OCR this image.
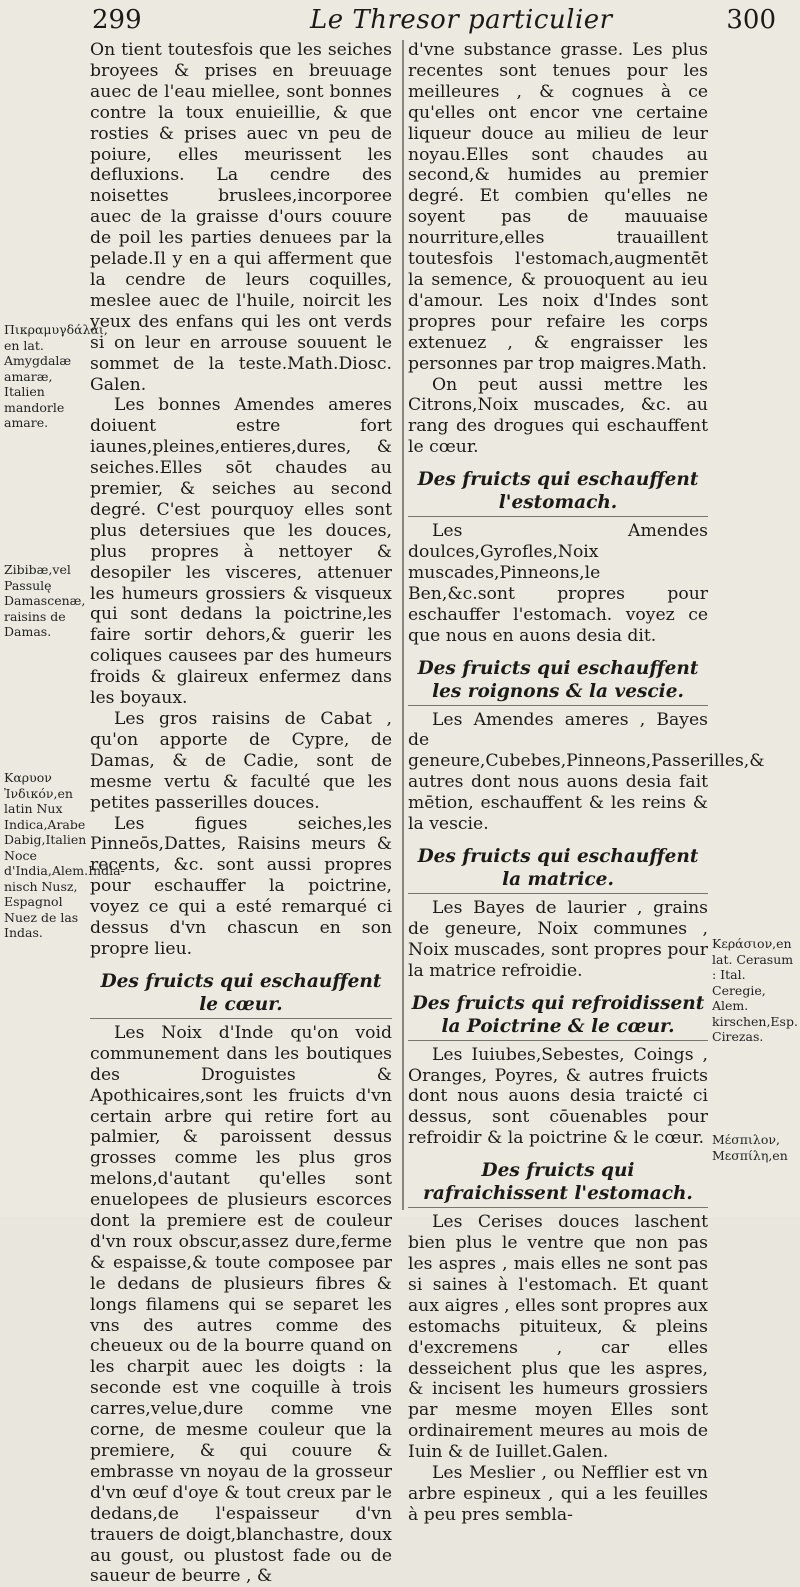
299	Le Thresor particulier	300

On tient toutesfois que les seiches broyees & prises en breuuage auec de l'eau miellee, sont bonnes contre la toux enuieillie, & que rosties & prises auec vn peu de poiure, elles meurissent les defluxions. La cendre des noisettes bruslees,incorporee auec de la graisse d'ours couure de poil les parties denuees par la pelade.Il y en a qui afferment que la cendre de leurs coquilles, meslee auec de l'huile, noircit les yeux des enfans qui les ont verds si on leur en arrouse souuent le sommet de la teste.Math.Diosc. Galen.

Les bonnes Amendes ameres doiuent estre fort iaunes,pleines,entieres,dures, & seiches.Elles sōt chaudes au premier, & seiches au second degré. C'est pourquoy elles sont plus detersiues que les douces, plus propres à nettoyer & desopiler les visceres, attenuer les humeurs grossiers & visqueux qui sont dedans la poictrine,les faire sortir dehors,& guerir les coliques causees par des humeurs froids & glaireux enfermez dans les boyaux.

Les gros raisins de Cabat , qu'on apporte de Cypre, de Damas, & de Cadie, sont de mesme vertu & faculté que les petites passerilles douces.

Les figues seiches,les Pinneōs,Dattes, Raisins meurs & recents, &c. sont aussi propres pour eschauffer la poictrine, voyez ce qui a esté remarqué ci dessus d'vn chascun en son propre lieu.

Des fruicts qui eschauffent le cœur.

Les Noix d'Inde qu'on void communement dans les boutiques des Droguistes & Apothicaires,sont les fruicts d'vn certain arbre qui retire fort au palmier, & paroissent dessus grosses comme les plus gros melons,d'autant qu'elles sont enuelopees de plusieurs escorces dont la premiere est de couleur d'vn roux obscur,assez dure,ferme & espaisse,& toute composee par le dedans de plusieurs fibres & longs filamens qui se separet les vns des autres comme des cheueux ou de la bourre quand on les charpit auec les doigts : la seconde est vne coquille à trois carres,velue,dure comme vne corne, de mesme couleur que la premiere, & qui couure & embrasse vn noyau de la grosseur d'vn œuf d'oye & tout creux par le dedans,de l'espaisseur d'vn trauers de doigt,blanchastre, doux au goust, ou plustost fade ou de saueur de beurre , &

d'vne substance grasse. Les plus recentes sont tenues pour les meilleures , & cognues à ce qu'elles ont encor vne certaine liqueur douce au milieu de leur noyau.Elles sont chaudes au second,& humides au premier degré. Et combien qu'elles ne soyent pas de mauuaise nourriture,elles trauaillent toutesfois l'estomach,augmentēt la semence, & prouoquent au ieu d'amour. Les noix d'Indes sont propres pour refaire les corps extenuez , & engraisser les personnes par trop maigres.Math.

On peut aussi mettre les Citrons,Noix muscades, &c. au rang des drogues qui eschauffent le cœur.

Des fruicts qui eschauffent l'estomach.

Les Amendes doulces,Gyrofles,Noix muscades,Pinneons,le Ben,&c.sont propres pour eschauffer l'estomach. voyez ce que nous en auons desia dit.

Des fruicts qui eschauffent les roignons & la vescie.

Les Amendes ameres , Bayes de geneure,Cubebes,Pinneons,Passerilles,& autres dont nous auons desia fait mētion, eschauffent & les reins & la vescie.

Des fruicts qui eschauffent la matrice.

Les Bayes de laurier , grains de geneure, Noix communes , Noix muscades, sont propres pour la matrice refroidie.

Des fruicts qui refroidissent la Poictrine & le cœur.

Les Iuiubes,Sebestes, Coings , Oranges, Poyres, & autres fruicts dont nous auons desia traicté ci dessus, sont cōuenables pour refroidir & la poictrine & le cœur.

Des fruicts qui rafraichissent l'estomach.

Les Cerises douces laschent bien plus le ventre que non pas les aspres , mais elles ne sont pas si saines à l'estomach. Et quant aux aigres , elles sont propres aux estomachs pituiteux, & pleins d'excremens , car elles desseichent plus que les aspres, & incisent les humeurs grossiers par mesme moyen Elles sont ordinairement meures au mois de Iuin & de Iuillet.Galen.

Les Meslier , ou Nefflier est vn arbre espineux , qui a les feuilles à peu pres sembla-

Πικραμυγδάλαι, en lat. Amygdalæ amaræ, Italien mandorle amare.
Zibibæ,vel Passulę Damascenæ, raisins de Damas.
Καρυον Ἰνδικόν,en latin Nux Indica,Arabe Dabig,Italien Noce d'India,Alem.India- nisch Nusz, Espagnol Nuez de las Indas.
Κεράσιον,en lat. Cerasum : Ital. Ceregie, Alem. kirschen,Esp. Cirezas.
Μέσπιλον, Μεσπίλη,en
